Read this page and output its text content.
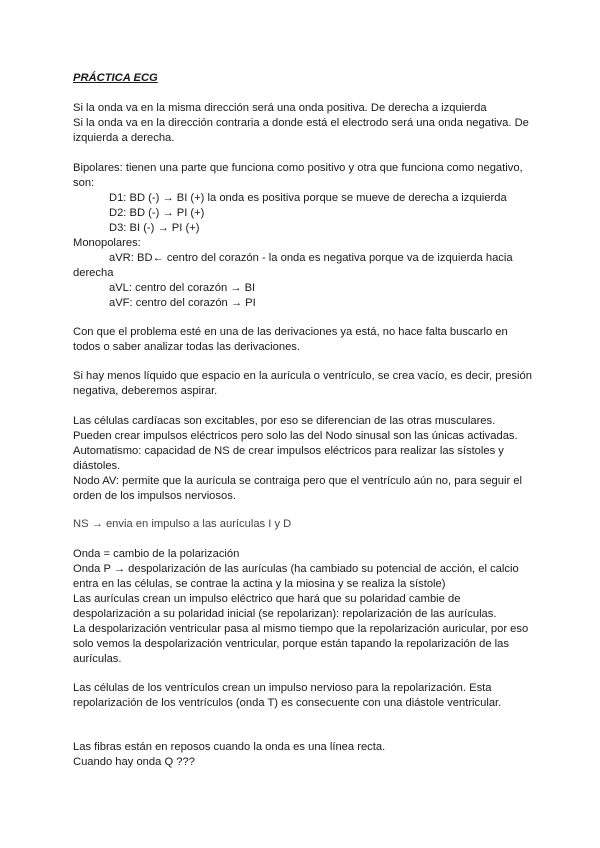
PRÁCTICA ECG
Si la onda va en la misma dirección será una onda positiva. De derecha a izquierda
Si la onda va en la dirección contraria a donde está el electrodo será una onda negativa. De
izquierda a derecha.
Bipolares: tienen una parte que funciona como positivo y otra que funciona como negativo,
son:
D1: BD (-) → BI (+) la onda es positiva porque se mueve de derecha a izquierda
D2: BD (-) → PI (+)
D3: BI (-) → PI (+)
Monopolares:
aVR: BD← centro del corazón - la onda es negativa porque va de izquierda hacia
derecha
aVL: centro del corazón → BI
aVF: centro del corazón → PI
Con que el problema esté en una de las derivaciones ya está, no hace falta buscarlo en
todos o saber analizar todas las derivaciones.
Si hay menos líquido que espacio en la aurícula o ventrículo, se crea vacío, es decir, presión
negativa, deberemos aspirar.
Las células cardíacas son excitables, por eso se diferencian de las otras musculares.
Pueden crear impulsos eléctricos pero solo las del Nodo sinusal son las únicas activadas.
Automatismo: capacidad de NS de crear impulsos eléctricos para realizar las sístoles y
diástoles.
Nodo AV: permite que la aurícula se contraiga pero que el ventrículo aún no, para seguir el
orden de los impulsos nerviosos.
NS → envia en impulso a las aurículas I y D
Onda = cambio de la polarización
Onda P → despolarización de las aurículas (ha cambiado su potencial de acción, el calcio
entra en las células, se contrae la actina y la miosina y se realiza la sístole)
Las aurículas crean un impulso eléctrico que hará que su polaridad cambie de
despolarización a su polaridad inicial (se repolarizan): repolarización de las aurículas.
La despolarización ventricular pasa al mismo tiempo que la repolarización auricular, por eso
solo vemos la despolarización ventricular, porque están tapando la repolarización de las
aurículas.
Las células de los ventrículos crean un impulso nervioso para la repolarización. Esta
repolarización de los ventrículos (onda T) es consecuente con una diástole ventricular.
Las fibras están en reposos cuando la onda es una línea recta.
Cuando hay onda Q ???
